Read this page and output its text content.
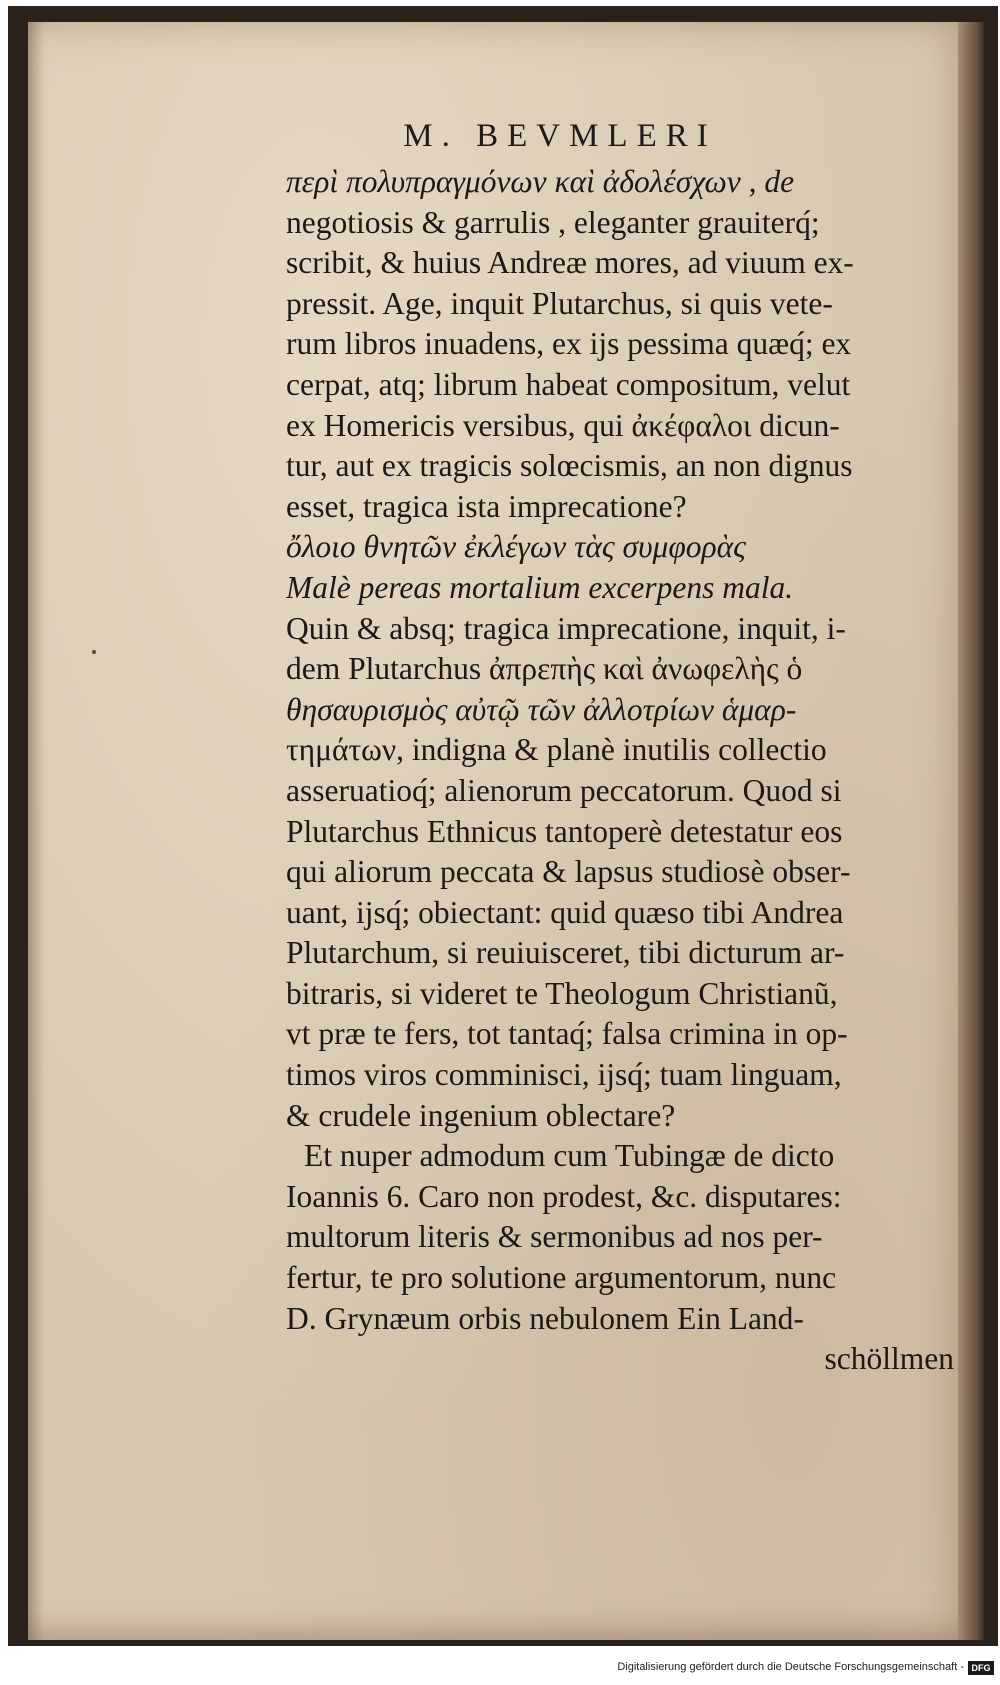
M. BEVMLERI
περὶ πολυπραγμόνων καὶ ἀδολέσχων , de
negotiosis & garrulis , eleganter grauiterq́;
scribit, & huius Andreæ mores, ad viuum ex-
pressit. Age, inquit Plutarchus, si quis vete-
rum libros inuadens, ex ijs pessima quæq́; ex
cerpat, atq; librum habeat compositum, velut
ex Homericis versibus, qui ἀκέφαλοι dicun-
tur, aut ex tragicis solœcismis, an non dignus
esset, tragica ista imprecatione?
ὄλοιο θνητῶν ἐκλέγων τὰς συμφορὰς
Malè pereas mortalium excerpens mala.
Quin & absq; tragica imprecatione, inquit, i-
dem Plutarchus ἀπρεπὴς καὶ ἀνωφελὴς ὁ
θησαυρισμὸς αὐτῷ τῶν ἀλλοτρίων ἁμαρ-
τημάτων, indigna & planè inutilis collectio
asseruatioq́; alienorum peccatorum. Quod si
Plutarchus Ethnicus tantoperè detestatur eos
qui aliorum peccata & lapsus studiosè obser-
uant, ijsq́; obiectant: quid quæso tibi Andrea
Plutarchum, si reuiuisceret, tibi dicturum ar-
bitraris, si videret te Theologum Christianũ,
vt præ te fers, tot tantaq́; falsa crimina in op-
timos viros comminisci, ijsq́; tuam linguam,
& crudele ingenium oblectare?
Et nuper admodum cum Tubingæ de dicto
Ioannis 6. Caro non prodest, &c. disputares:
multorum literis & sermonibus ad nos per-
fertur, te pro solutione argumentorum, nunc
D. Grynæum orbis nebulonem Ein Land-
schöllmen
Digitalisierung gefördert durch die Deutsche Forschungsgemeinschaft - DFG
